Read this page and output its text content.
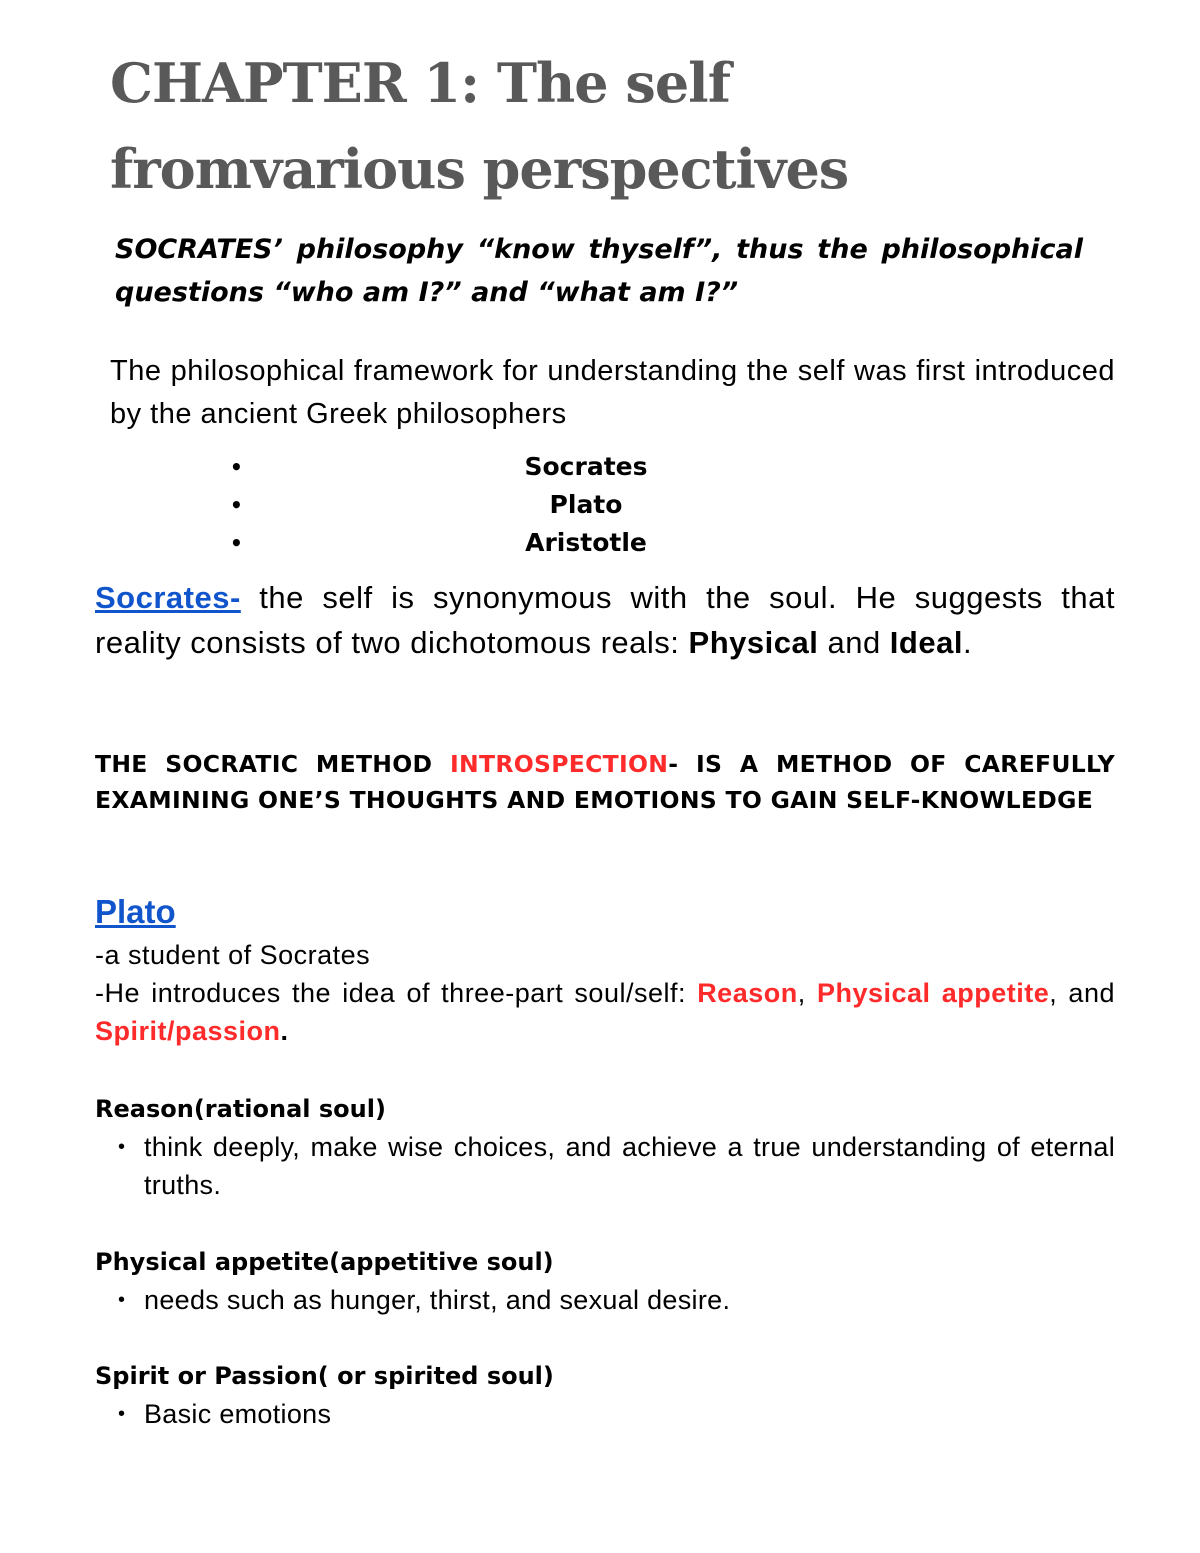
CHAPTER 1: The self
fromvarious perspectives

SOCRATES’ philosophy “know thyself”, thus the philosophical questions “who am I?” and “what am I?”

The philosophical framework for understanding the self was first introduced by the ancient Greek philosophers

•	Socrates
•	Plato
•	Aristotle

Socrates- the self is synonymous with the soul. He suggests that reality consists of two dichotomous reals: Physical and Ideal.

THE SOCRATIC METHOD INTROSPECTION- IS A METHOD OF CAREFULLY EXAMINING ONE’S THOUGHTS AND EMOTIONS TO GAIN SELF-KNOWLEDGE

Plato

-a student of Socrates

-He introduces the idea of three-part soul/self: Reason, Physical appetite, and Spirit/passion.

Reason(rational soul)

• think deeply, make wise choices, and achieve a true understanding of eternal truths.

Physical appetite(appetitive soul)

• needs such as hunger, thirst, and sexual desire.

Spirit or Passion( or spirited soul)

• Basic emotions
